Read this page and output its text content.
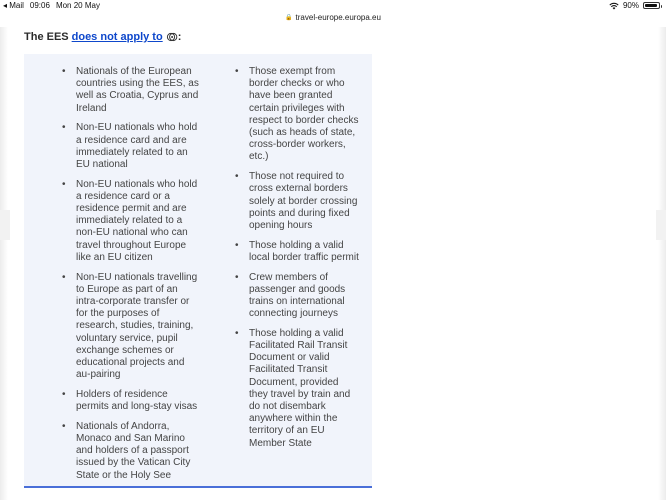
◂ Mail 09:06 Mon 20 May	90%
🔒 travel-europe.europa.eu
The EES does not apply to :
• Nationals of the European countries using the EES, as well as Croatia, Cyprus and Ireland
• Non-EU nationals who hold a residence card and are immediately related to an EU national
• Non-EU nationals who hold a residence card or a residence permit and are immediately related to a non-EU national who can travel throughout Europe like an EU citizen
• Non-EU nationals travelling to Europe as part of an intra-corporate transfer or for the purposes of research, studies, training, voluntary service, pupil exchange schemes or educational projects and au-pairing
• Holders of residence permits and long-stay visas
• Nationals of Andorra, Monaco and San Marino and holders of a passport issued by the Vatican City State or the Holy See
• Those exempt from border checks or who have been granted certain privileges with respect to border checks (such as heads of state, cross-border workers, etc.)
• Those not required to cross external borders solely at border crossing points and during fixed opening hours
• Those holding a valid local border traffic permit
• Crew members of passenger and goods trains on international connecting journeys
• Those holding a valid Facilitated Rail Transit Document or valid Facilitated Transit Document, provided they travel by train and do not disembark anywhere within the territory of an EU Member State
